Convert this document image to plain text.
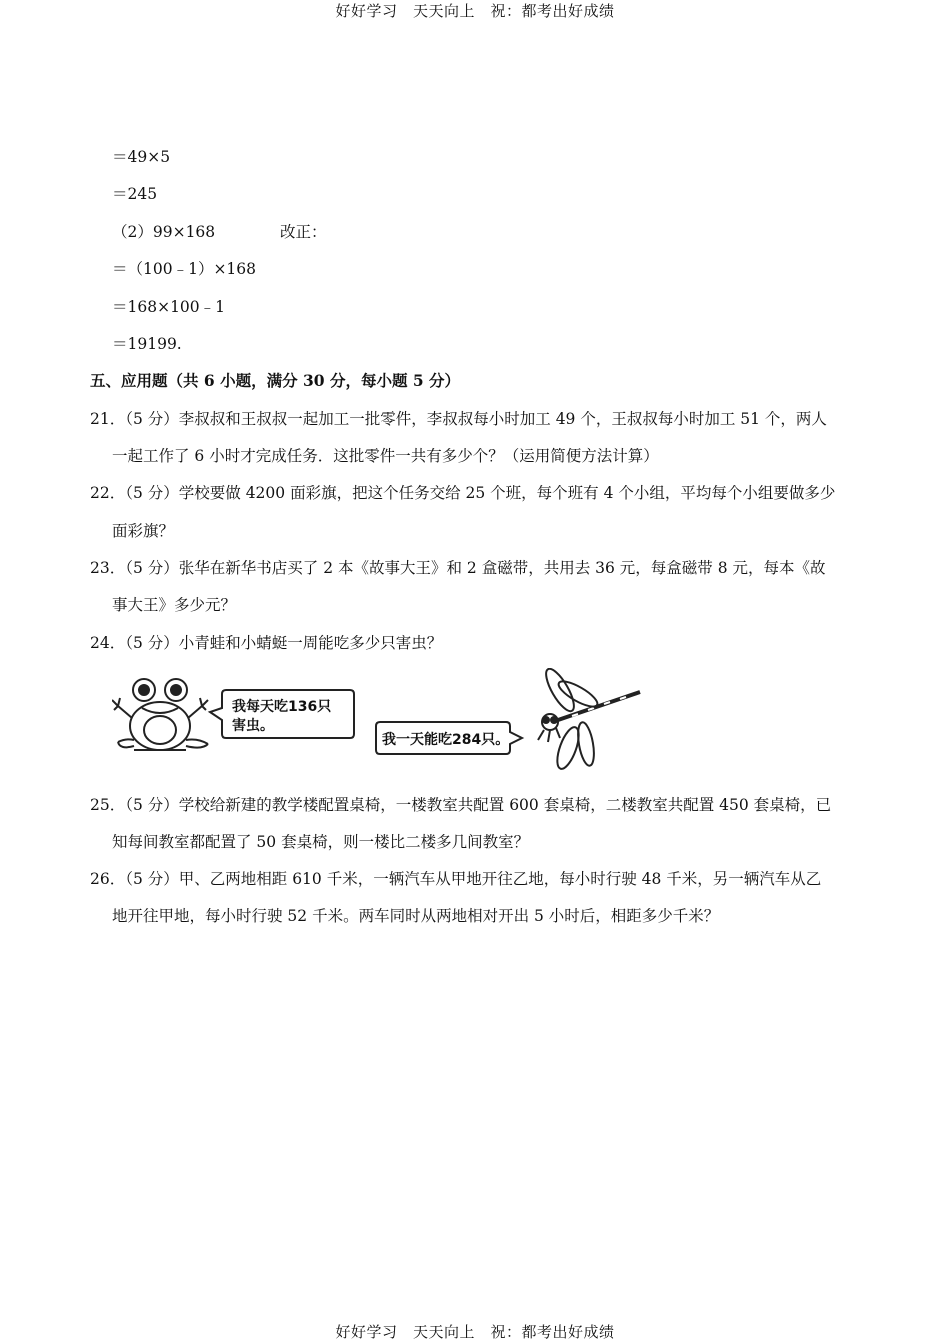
好好学习　天天向上　祝：都考出好成绩
＝49×5
＝245
（2）99×168	改正：
＝（100﹣1）×168
＝168×100﹣1
＝19199.
五、应用题（共 6 小题，满分 30 分，每小题 5 分）
21．（5 分）李叔叔和王叔叔一起加工一批零件，李叔叔每小时加工 49 个，王叔叔每小时加工 51 个，两人
一起工作了 6 小时才完成任务．这批零件一共有多少个？（运用简便方法计算）
22．（5 分）学校要做 4200 面彩旗，把这个任务交给 25 个班，每个班有 4 个小组，平均每个小组要做多少
面彩旗？
23．（5 分）张华在新华书店买了 2 本《故事大王》和 2 盒磁带，共用去 36 元，每盒磁带 8 元，每本《故
事大王》多少元？
24．（5 分）小青蛙和小蜻蜓一周能吃多少只害虫？
我每天吃136只
害虫。
我一天能吃284只。
25．（5 分）学校给新建的教学楼配置桌椅，一楼教室共配置 600 套桌椅，二楼教室共配置 450 套桌椅，已
知每间教室都配置了 50 套桌椅，则一楼比二楼多几间教室？
26．（5 分）甲、乙两地相距 610 千米，一辆汽车从甲地开往乙地，每小时行驶 48 千米，另一辆汽车从乙
地开往甲地，每小时行驶 52 千米。两车同时从两地相对开出 5 小时后，相距多少千米？
好好学习　天天向上　祝：都考出好成绩
